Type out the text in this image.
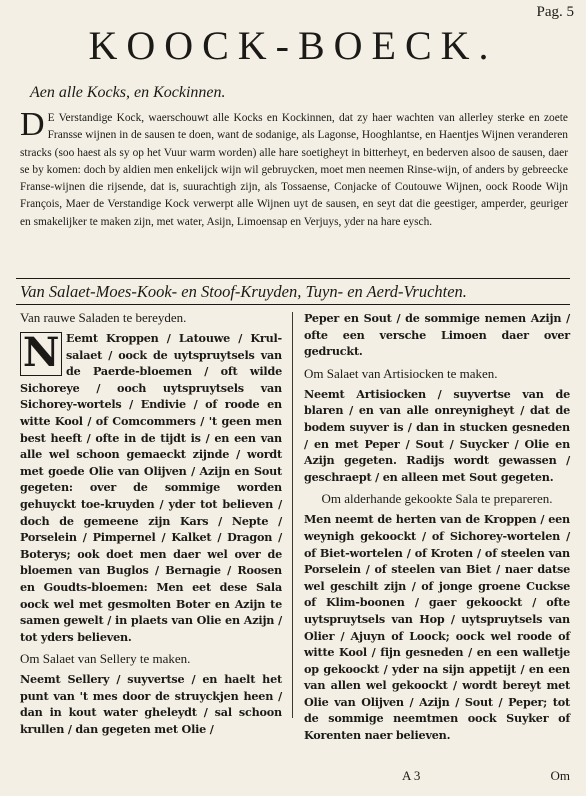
Pag. 5
KOOCK-BOECK.
Aen alle Kocks, en Kockinnen.
D E Verstandige Kock, waerschouwt alle Kocks en Kockinnen, dat zy haer wachten van allerley sterke en zoete Fransse wijnen in de sausen te doen, want de sodanige, als Lagonse, Hooghlantse, en Haentjes Wijnen veranderen stracks (soo haest als sy op het Vuur warm worden) alle hare soetigheyt in bitterheyt, en bederven alsoo de sausen, daer se by komen: doch by aldien men enkelijck wijn wil gebruycken, moet men neemen Rinse-wijn, of anders by gebreecke Franse-wijnen die rijsende, dat is, suurachtigh zijn, als Tossaense, Conjacke of Coutouwe Wijnen, oock Roode Wijn François, Maer de Verstandige Kock verwerpt alle Wijnen uyt de sausen, en seyt dat die geestiger, amperder, geuriger en smakelijker te maken zijn, met water, Asijn, Limoensap en Verjuys, yder na hare eysch.
Van Salaet-Moes-Kook- en Stoof-Kruyden, Tuyn- en Aerd-Vruchten.
Van rauwe Saladen te bereyden.
N Eemt Kroppen / Latouwe / Krul-salaet / oock de uytspruytsels van de Paerde-bloemen / oft wilde Sichoreye / ooch uytspruytsels van Sichorey-wortels / Endivie / of roode en witte Kool / of Comcommers / 't geen men best heeft / ofte in de tijdt is / en een van alle wel schoon gemaeckt zijnde / wordt met goede Olie van Olijven / Azijn en Sout gegeten: over de sommige worden gehuyckt toe-kruyden / yder tot believen / doch de gemeene zijn Kars / Nepte / Porselein / Pimpernel / Kalket / Dragon / Boterys; ook doet men daer wel over de bloemen van Buglos / Bernagie / Roosen en Goudts-bloemen: Men eet dese Sala oock wel met gesmolten Boter en Azijn te samen gewelt / in plaets van Olie en Azijn / tot yders believen.
Om Salaet van Sellery te maken.
Neemt Sellery / suyvertse / en haelt het punt van 't mes door de struyckjen heen / dan in kout water gheleydt / sal schoon krullen / dan gegeten met Olie /
Peper en Sout / de sommige nemen Azijn / ofte een versche Limoen daer over gedruckt.
Om Salaet van Artisiocken te maken.
Neemt Artisiocken / suyvertse van de blaren / en van alle onreynigheyt / dat de bodem suyver is / dan in stucken gesneden / en met Peper / Sout / Suycker / Olie en Azijn gegeten. Radijs wordt gewassen / geschraept / en alleen met Sout gegeten.
Om alderhande gekookte Sala te prepareren.
Men neemt de herten van de Kroppen / een weynigh gekoockt / of Sichorey-wortelen / of Biet-wortelen / of Kroten / of steelen van Porselein / of steelen van Biet / naer datse wel geschilt zijn / of jonge groene Cuckse of Klim-boonen / gaer gekoockt / ofte uytspruytsels van Hop / uytspruytsels van Olier / Ajuyn of Loock; oock wel roode of witte Kool / fijn gesneden / en een walletje op gekoockt / yder na sijn appetijt / en een van allen wel gekoockt / wordt bereyt met Olie van Olijven / Azijn / Sout / Peper; tot de sommige neemtmen oock Suyker of Korenten naer believen.
A 3	Om
